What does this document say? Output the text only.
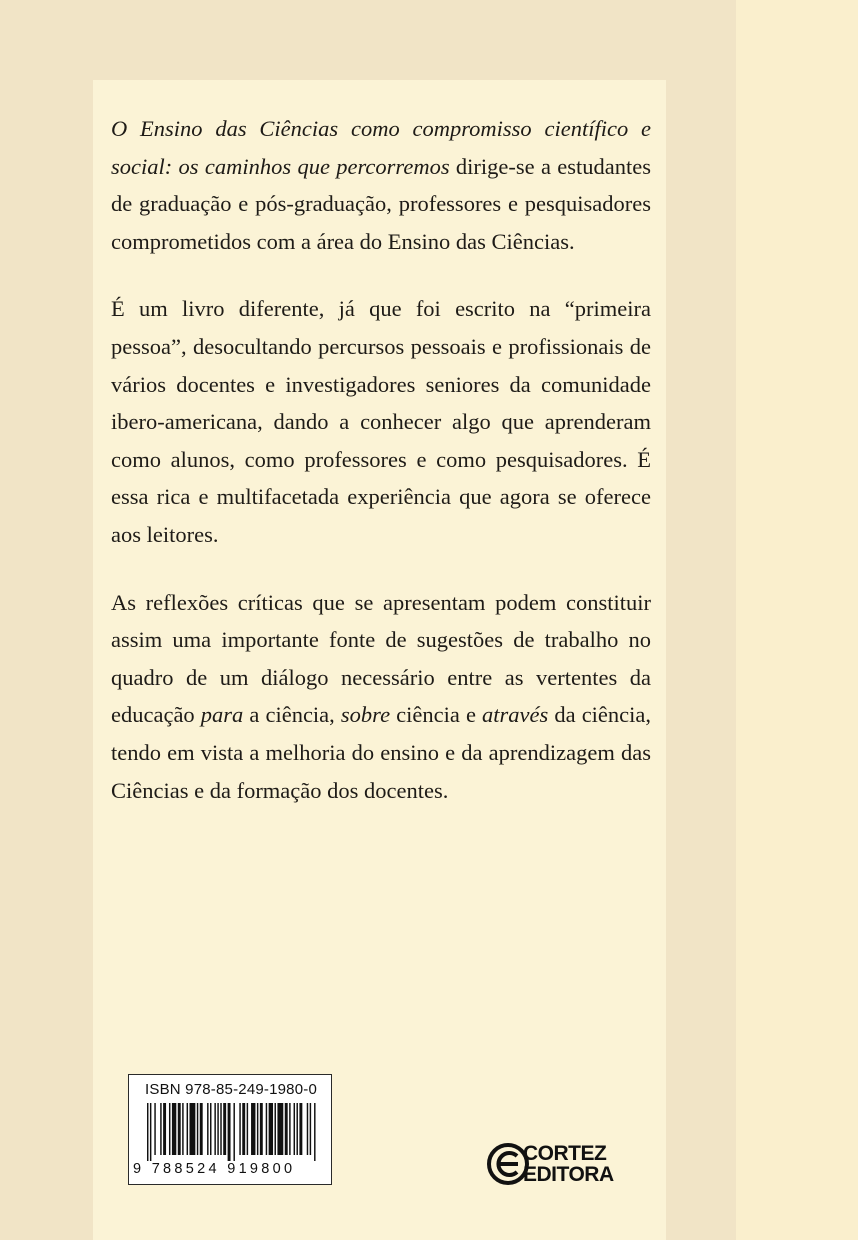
O Ensino das Ciências como compromisso científico e social: os caminhos que percorremos dirige-se a estudantes de graduação e pós-graduação, professores e pesquisadores comprometidos com a área do Ensino das Ciências.

É um livro diferente, já que foi escrito na “primeira pessoa”, desocultando percursos pessoais e profissionais de vários docentes e investigadores seniores da comunidade ibero-americana, dando a conhecer algo que aprenderam como alunos, como professores e como pesquisadores. É essa rica e multifacetada experiência que agora se oferece aos leitores.

As reflexões críticas que se apresentam podem constituir assim uma importante fonte de sugestões de trabalho no quadro de um diálogo necessário entre as vertentes da educação para a ciência, sobre ciência e através da ciência, tendo em vista a melhoria do ensino e da aprendizagem das Ciências e da formação dos docentes.

ISBN 978-85-249-1980-0
9 788524 919800
CORTEZ
EDITORA
